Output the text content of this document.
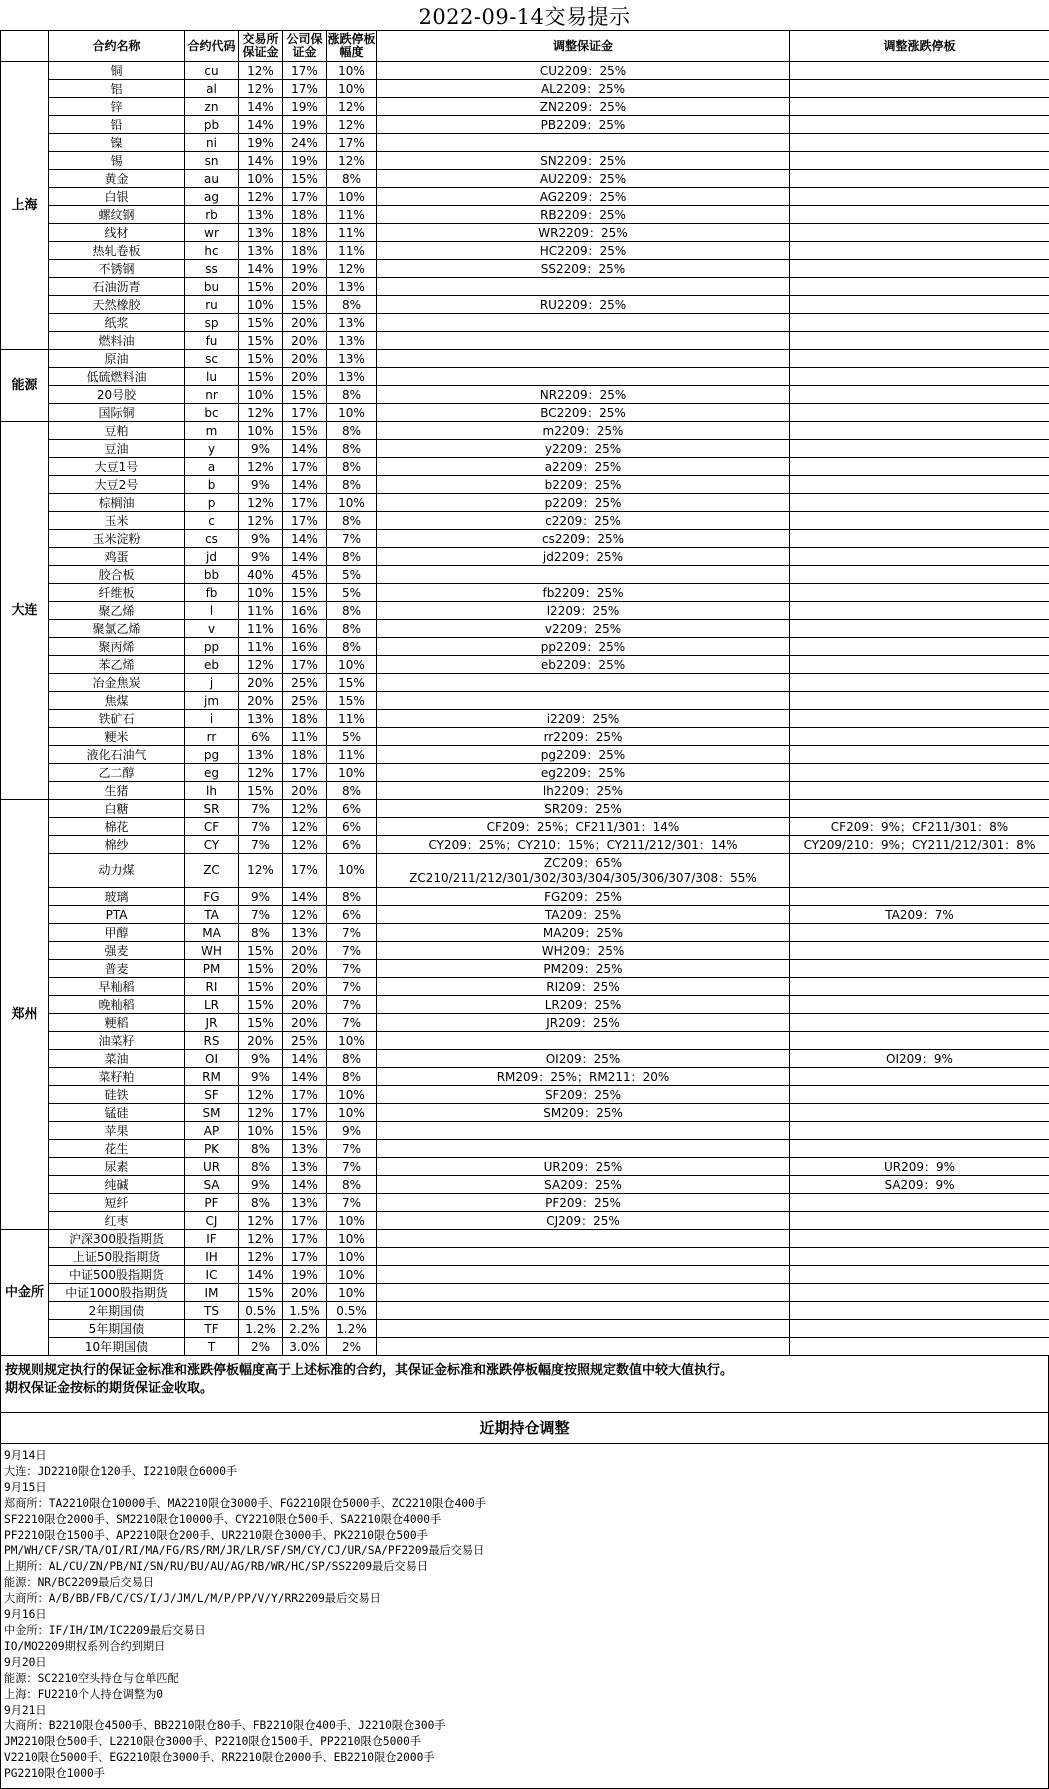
2022-09-14交易提示
	合约名称	合约代码	交易所保证金	公司保证金	涨跌停板幅度	调整保证金	调整涨跌停板
上海	铜	cu	12%	17%	10%	CU2209：25%	
	铝	al	12%	17%	10%	AL2209：25%	
	锌	zn	14%	19%	12%	ZN2209：25%	
	铅	pb	14%	19%	12%	PB2209：25%	
	镍	ni	19%	24%	17%		
	锡	sn	14%	19%	12%	SN2209：25%	
	黄金	au	10%	15%	8%	AU2209：25%	
	白银	ag	12%	17%	10%	AG2209：25%	
	螺纹钢	rb	13%	18%	11%	RB2209：25%	
	线材	wr	13%	18%	11%	WR2209：25%	
	热轧卷板	hc	13%	18%	11%	HC2209：25%	
	不锈钢	ss	14%	19%	12%	SS2209：25%	
	石油沥青	bu	15%	20%	13%		
	天然橡胶	ru	10%	15%	8%	RU2209：25%	
	纸浆	sp	15%	20%	13%		
	燃料油	fu	15%	20%	13%		
能源	原油	sc	15%	20%	13%		
	低硫燃料油	lu	15%	20%	13%		
	20号胶	nr	10%	15%	8%	NR2209：25%	
	国际铜	bc	12%	17%	10%	BC2209：25%	
大连	豆粕	m	10%	15%	8%	m2209：25%	
	豆油	y	9%	14%	8%	y2209：25%	
	大豆1号	a	12%	17%	8%	a2209：25%	
	大豆2号	b	9%	14%	8%	b2209：25%	
	棕榈油	p	12%	17%	10%	p2209：25%	
	玉米	c	12%	17%	8%	c2209：25%	
	玉米淀粉	cs	9%	14%	7%	cs2209：25%	
	鸡蛋	jd	9%	14%	8%	jd2209：25%	
	胶合板	bb	40%	45%	5%		
	纤维板	fb	10%	15%	5%	fb2209：25%	
	聚乙烯	l	11%	16%	8%	l2209：25%	
	聚氯乙烯	v	11%	16%	8%	v2209：25%	
	聚丙烯	pp	11%	16%	8%	pp2209：25%	
	苯乙烯	eb	12%	17%	10%	eb2209：25%	
	冶金焦炭	j	20%	25%	15%		
	焦煤	jm	20%	25%	15%		
	铁矿石	i	13%	18%	11%	i2209：25%	
	粳米	rr	6%	11%	5%	rr2209：25%	
	液化石油气	pg	13%	18%	11%	pg2209：25%	
	乙二醇	eg	12%	17%	10%	eg2209：25%	
	生猪	lh	15%	20%	8%	lh2209：25%	
郑州	白糖	SR	7%	12%	6%	SR209：25%	
	棉花	CF	7%	12%	6%	CF209：25%；CF211/301：14%	CF209：9%；CF211/301：8%
	棉纱	CY	7%	12%	6%	CY209：25%；CY210：15%；CY211/212/301：14%	CY209/210：9%；CY211/212/301：8%
	动力煤	ZC	12%	17%	10%	ZC209：65%
ZC210/211/212/301/302/303/304/305/306/307/308：55%	

	玻璃	FG	9%	14%	8%	FG209：25%	
	PTA	TA	7%	12%	6%	TA209：25%	TA209：7%
	甲醇	MA	8%	13%	7%	MA209：25%	
	强麦	WH	15%	20%	7%	WH209：25%	
	普麦	PM	15%	20%	7%	PM209：25%	
	早籼稻	RI	15%	20%	7%	RI209：25%	
	晚籼稻	LR	15%	20%	7%	LR209：25%	
	粳稻	JR	15%	20%	7%	JR209：25%	
	油菜籽	RS	20%	25%	10%		
	菜油	OI	9%	14%	8%	OI209：25%	OI209：9%
	菜籽粕	RM	9%	14%	8%	RM209：25%；RM211：20%	
	硅铁	SF	12%	17%	10%	SF209：25%	
	锰硅	SM	12%	17%	10%	SM209：25%	
	苹果	AP	10%	15%	9%		
	花生	PK	8%	13%	7%		
	尿素	UR	8%	13%	7%	UR209：25%	UR209：9%
	纯碱	SA	9%	14%	8%	SA209：25%	SA209：9%
	短纤	PF	8%	13%	7%	PF209：25%	
	红枣	CJ	12%	17%	10%	CJ209：25%	
中金所	沪深300股指期货	IF	12%	17%	10%		
	上证50股指期货	IH	12%	17%	10%		
	中证500股指期货	IC	14%	19%	10%		
	中证1000股指期货	IM	15%	20%	10%		
	2年期国债	TS	0.5%	1.5%	0.5%		
	5年期国债	TF	1.2%	2.2%	1.2%		
	10年期国债	T	2%	3.0%	2%		
按规则规定执行的保证金标准和涨跌停板幅度高于上述标准的合约，其保证金标准和涨跌停板幅度按照规定数值中较大值执行。
期权保证金按标的期货保证金收取。
近期持仓调整
9月14日
大连：JD2210限仓120手、I2210限仓6000手
9月15日
郑商所：TA2210限仓10000手、MA2210限仓3000手、FG2210限仓5000手、ZC2210限仓400手
SF2210限仓2000手、SM2210限仓10000手、CY2210限仓500手、SA2210限仓4000手
PF2210限仓1500手、AP2210限仓200手、UR2210限仓3000手、PK2210限仓500手
PM/WH/CF/SR/TA/OI/RI/MA/FG/RS/RM/JR/LR/SF/SM/CY/CJ/UR/SA/PF2209最后交易日
上期所：AL/CU/ZN/PB/NI/SN/RU/BU/AU/AG/RB/WR/HC/SP/SS2209最后交易日
能源：NR/BC2209最后交易日
大商所：A/B/BB/FB/C/CS/I/J/JM/L/M/P/PP/V/Y/RR2209最后交易日
9月16日
中金所：IF/IH/IM/IC2209最后交易日
IO/MO2209期权系列合约到期日
9月20日
能源：SC2210空头持仓与仓单匹配
上海：FU2210个人持仓调整为0
9月21日
大商所：B2210限仓4500手、BB2210限仓80手、FB2210限仓400手、J2210限仓300手
JM2210限仓500手、L2210限仓3000手、P2210限仓1500手、PP2210限仓5000手
V2210限仓5000手、EG2210限仓3000手、RR2210限仓2000手、EB2210限仓2000手
PG2210限仓1000手
